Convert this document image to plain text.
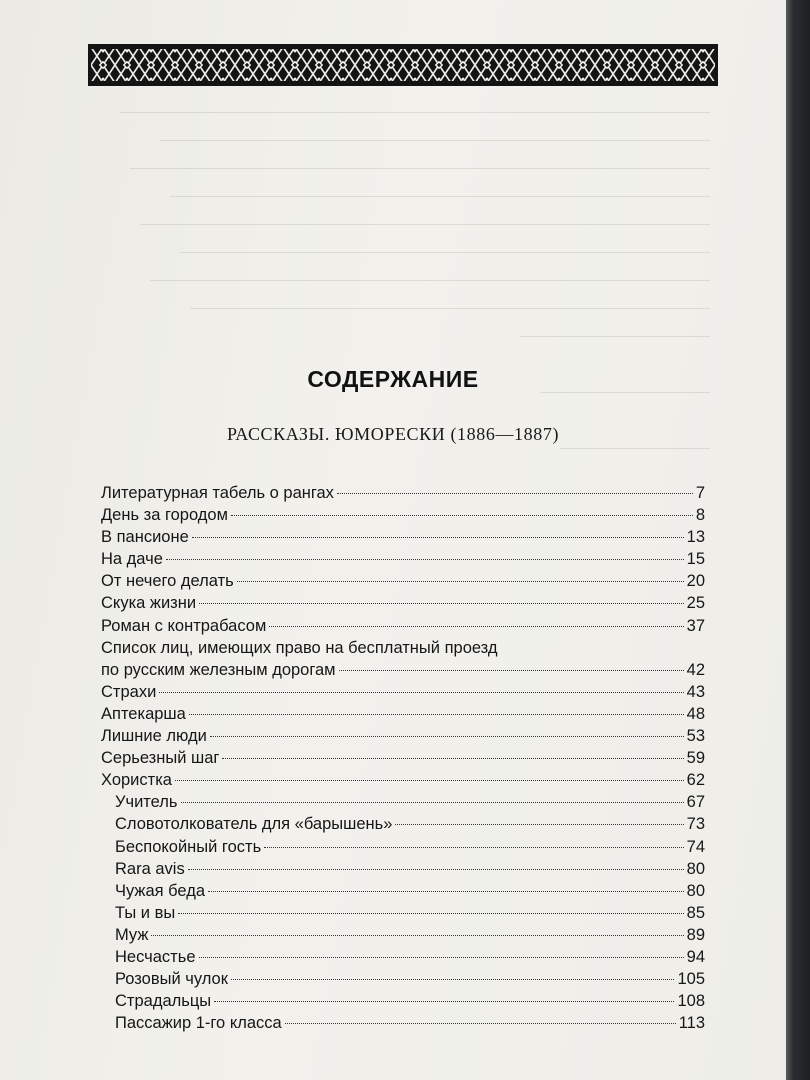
СОДЕРЖАНИЕ
РАССКАЗЫ. ЮМОРЕСКИ (1886—1887)
Литературная табель о рангах	7
День за городом	8
В пансионе	13
На даче	15
От нечего делать	20
Скука жизни	25
Роман с контрабасом	37
Список лиц, имеющих право на бесплатный проезд
по русским железным дорогам	42
Страхи	43
Аптекарша	48
Лишние люди	53
Серьезный шаг	59
Хористка	62
Учитель	67
Словотолкователь для «барышень»	73
Беспокойный гость	74
Rara avis	80
Чужая беда	80
Ты и вы	85
Муж	89
Несчастье	94
Розовый чулок	105
Страдальцы	108
Пассажир 1-го класса	113
